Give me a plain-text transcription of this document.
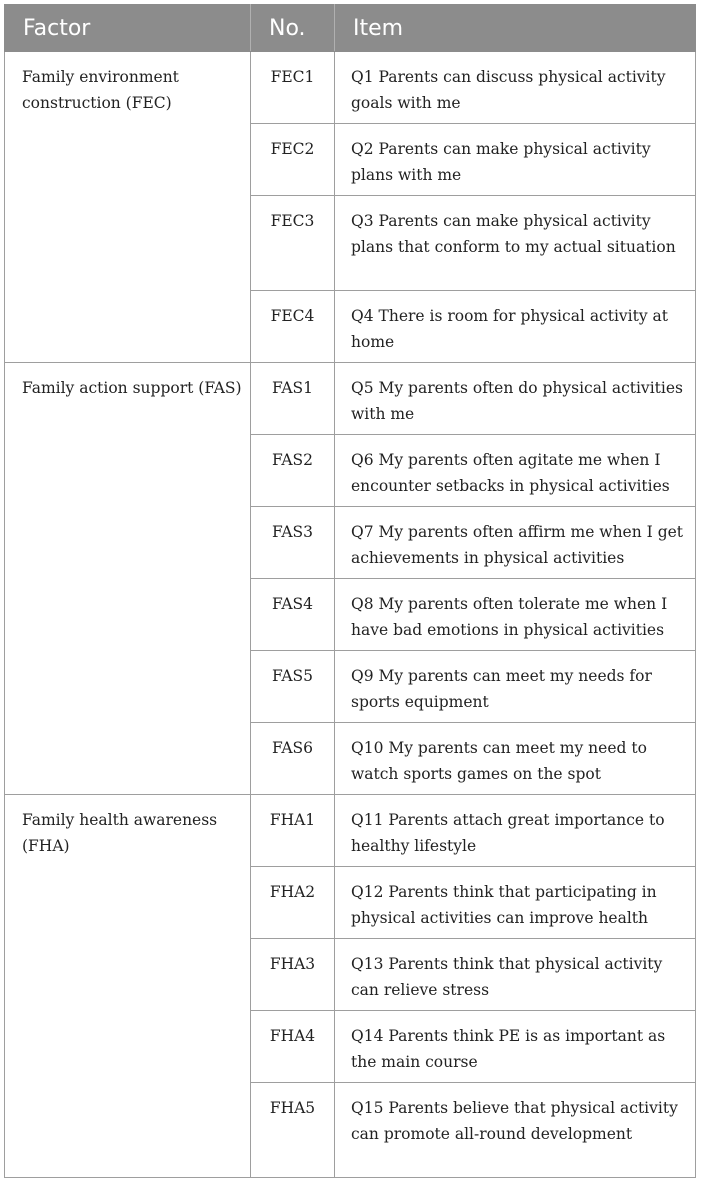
Factor	No.	Item
Family environment construction (FEC)	FEC1	Q1 Parents can discuss physical activity goals with me
	FEC2	Q2 Parents can make physical activity plans with me
	FEC3	Q3 Parents can make physical activity plans that conform to my actual situation
	FEC4	Q4 There is room for physical activity at home
Family action support (FAS)	FAS1	Q5 My parents often do physical activities with me
	FAS2	Q6 My parents often agitate me when I encounter setbacks in physical activities
	FAS3	Q7 My parents often affirm me when I get achievements in physical activities
	FAS4	Q8 My parents often tolerate me when I have bad emotions in physical activities
	FAS5	Q9 My parents can meet my needs for sports equipment
	FAS6	Q10 My parents can meet my need to watch sports games on the spot
Family health awareness (FHA)	FHA1	Q11 Parents attach great importance to healthy lifestyle
	FHA2	Q12 Parents think that participating in physical activities can improve health
	FHA3	Q13 Parents think that physical activity can relieve stress
	FHA4	Q14 Parents think PE is as important as the main course
	FHA5	Q15 Parents believe that physical activity can promote all-round development
